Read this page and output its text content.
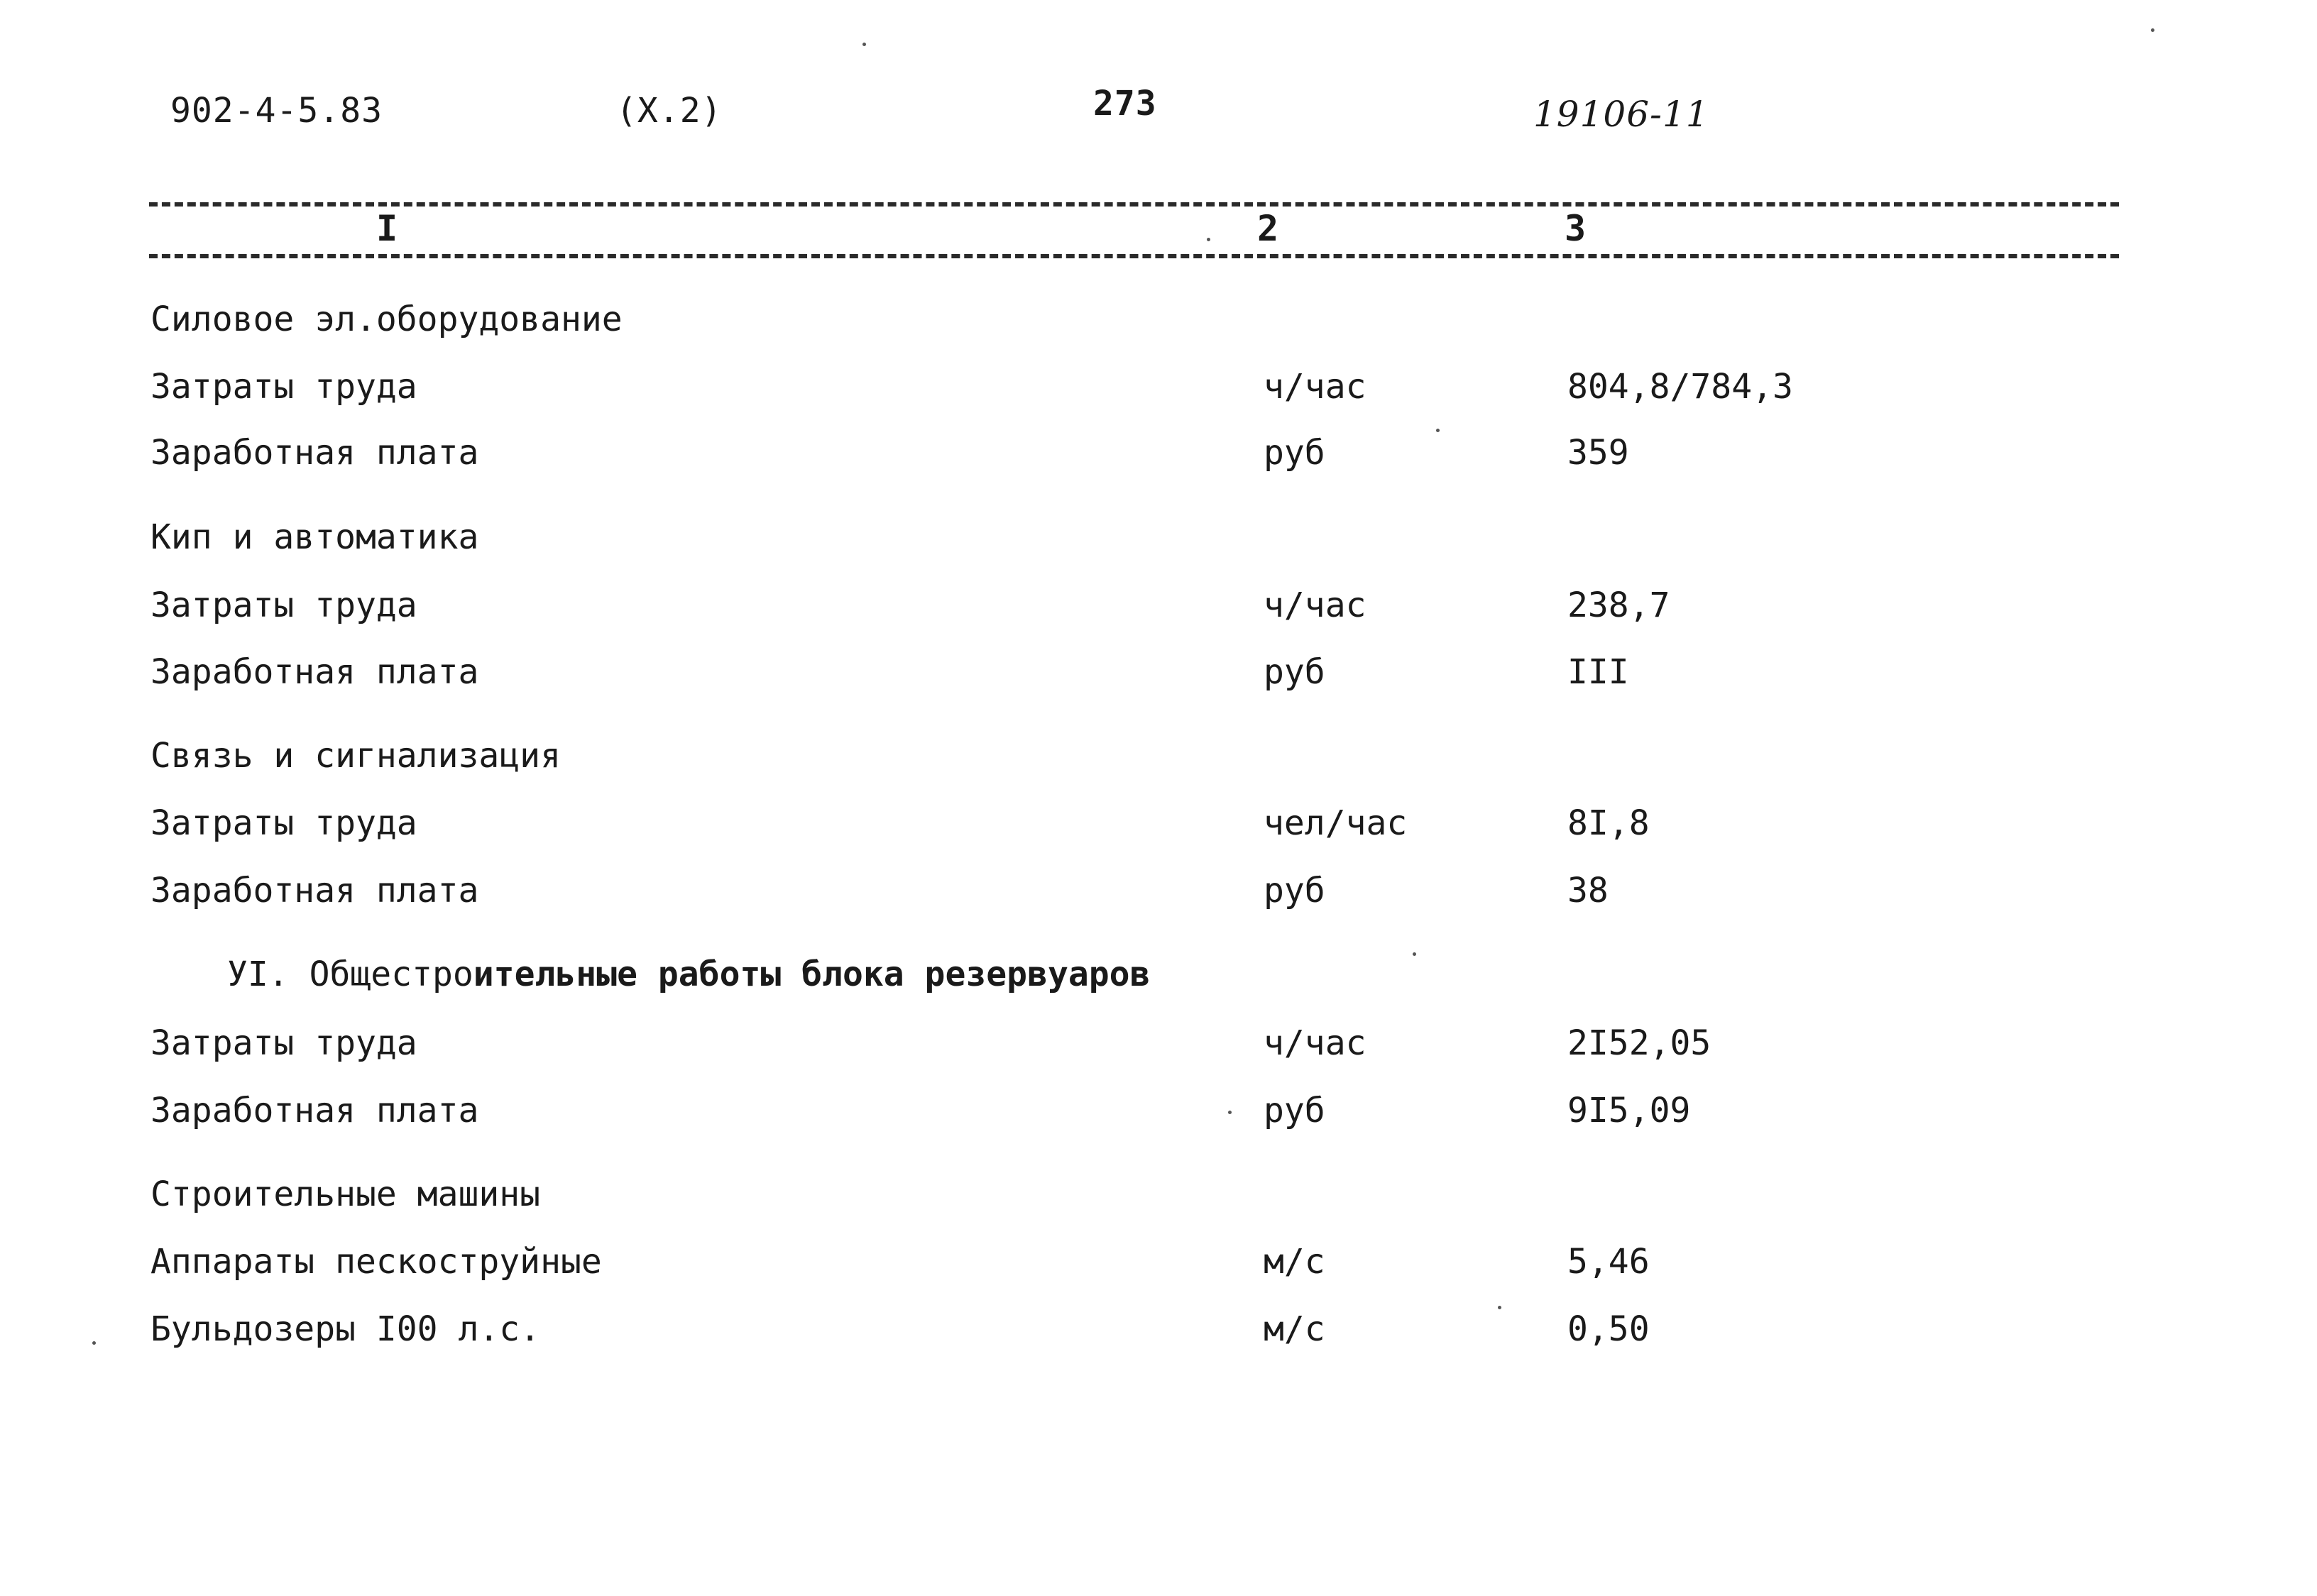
902-4-5.83	(X.2)	273	19106-11
I	2	3
Силовое эл.оборудование
Затраты труда	ч/час	804,8/784,3
Заработная плата	руб	359
Кип и автоматика
Затраты труда	ч/час	238,7
Заработная плата	руб	III
Связь и сигнализация
Затраты труда	чел/час	8I,8
Заработная плата	руб	38
УI. Общестроительные работы блока резервуаров
Затраты труда	ч/час	2I52,05
Заработная плата	руб	9I5,09
Строительные машины
Аппараты пескоструйные	м/с	5,46
Бульдозеры I00 л.с.	м/с	0,50
